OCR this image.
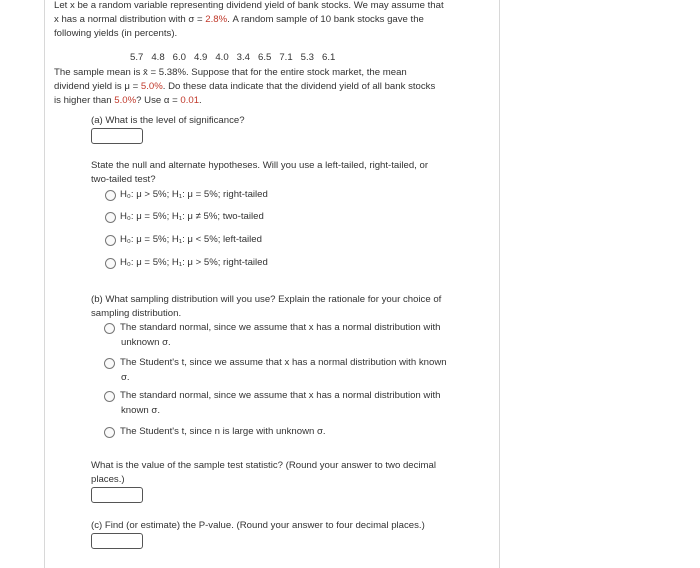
Let x be a random variable representing dividend yield of bank stocks. We may assume that
x has a normal distribution with σ = 2.8%. A random sample of 10 bank stocks gave the
following yields (in percents).
5.7   4.8   6.0   4.9   4.0   3.4   6.5   7.1   5.3   6.1
The sample mean is x̄ = 5.38%. Suppose that for the entire stock market, the mean
dividend yield is μ = 5.0%. Do these data indicate that the dividend yield of all bank stocks
is higher than 5.0%? Use α = 0.01.
(a) What is the level of significance?
State the null and alternate hypotheses. Will you use a left-tailed, right-tailed, or
two-tailed test?
H₀: μ > 5%; H₁: μ = 5%; right-tailed
H₀: μ = 5%; H₁: μ ≠ 5%; two-tailed
H₀: μ = 5%; H₁: μ < 5%; left-tailed
H₀: μ = 5%; H₁: μ > 5%; right-tailed
(b) What sampling distribution will you use? Explain the rationale for your choice of
sampling distribution.
The standard normal, since we assume that x has a normal distribution with
unknown σ.
The Student's t, since we assume that x has a normal distribution with known
σ.
The standard normal, since we assume that x has a normal distribution with
known σ.
The Student's t, since n is large with unknown σ.
What is the value of the sample test statistic? (Round your answer to two decimal
places.)
(c) Find (or estimate) the P-value. (Round your answer to four decimal places.)
